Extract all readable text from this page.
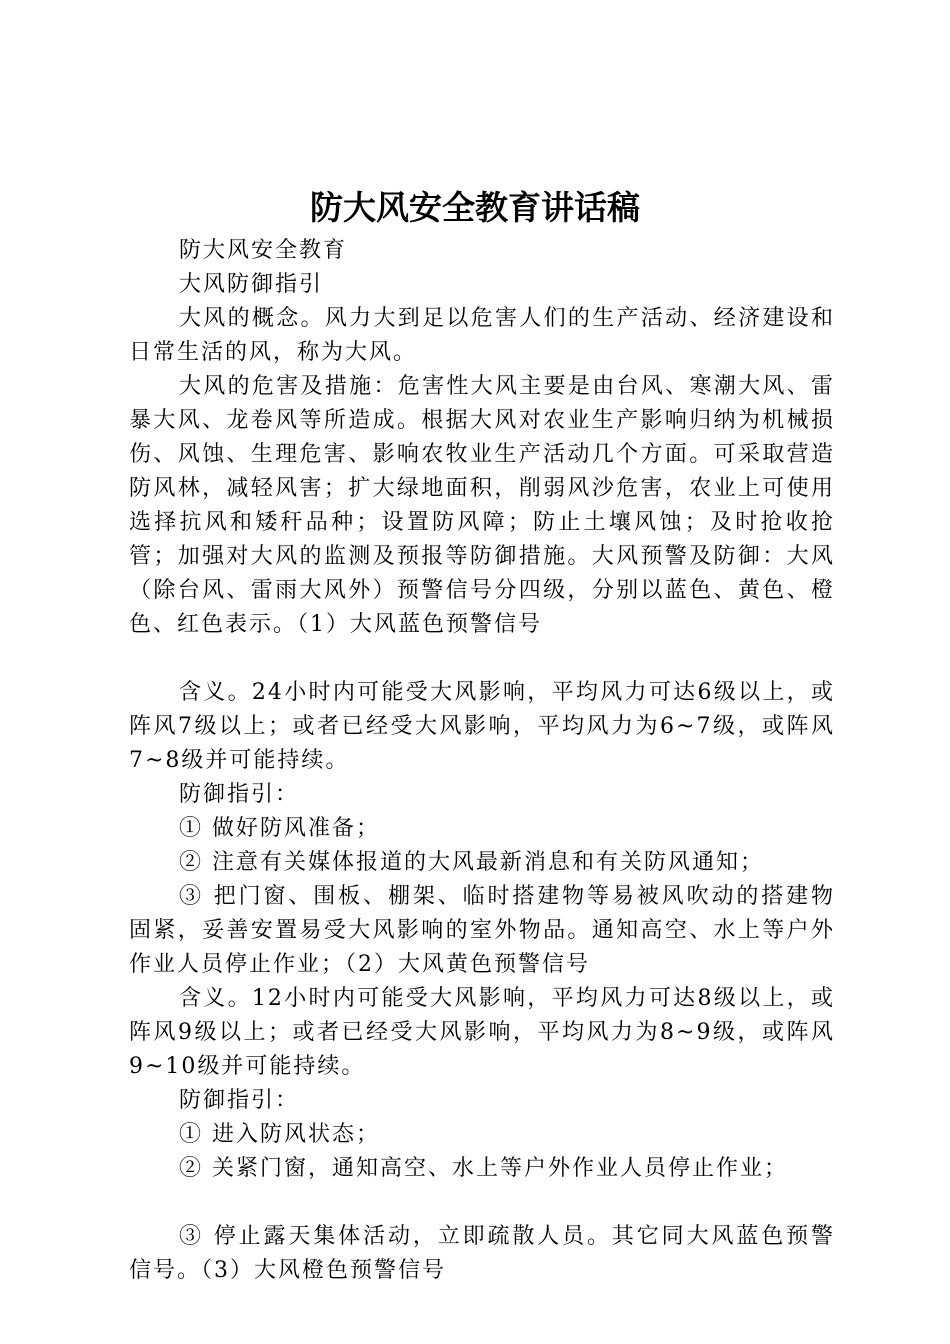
防大风安全教育讲话稿

防大风安全教育

大风防御指引

大风的概念。风力大到足以危害人们的生产活动、经济建设和日常生活的风，称为大风。

大风的危害及措施：危害性大风主要是由台风、寒潮大风、雷暴大风、龙卷风等所造成。根据大风对农业生产影响归纳为机械损伤、风蚀、生理危害、影响农牧业生产活动几个方面。可采取营造防风林，减轻风害；扩大绿地面积，削弱风沙危害，农业上可使用选择抗风和矮秆品种；设置防风障；防止土壤风蚀；及时抢收抢管；加强对大风的监测及预报等防御措施。大风预警及防御：大风（除台风、雷雨大风外）预警信号分四级，分别以蓝色、黄色、橙色、红色表示。（1）大风蓝色预警信号

含义。24小时内可能受大风影响，平均风力可达6级以上，或阵风7级以上；或者已经受大风影响，平均风力为6~7级，或阵风7~8级并可能持续。

防御指引：

① 做好防风准备；

② 注意有关媒体报道的大风最新消息和有关防风通知；

③ 把门窗、围板、棚架、临时搭建物等易被风吹动的搭建物固紧，妥善安置易受大风影响的室外物品。通知高空、水上等户外作业人员停止作业；（2）大风黄色预警信号

含义。12小时内可能受大风影响，平均风力可达8级以上，或阵风9级以上；或者已经受大风影响，平均风力为8~9级，或阵风9~10级并可能持续。

防御指引：

① 进入防风状态；

② 关紧门窗，通知高空、水上等户外作业人员停止作业；

③ 停止露天集体活动，立即疏散人员。其它同大风蓝色预警信号。（3）大风橙色预警信号
